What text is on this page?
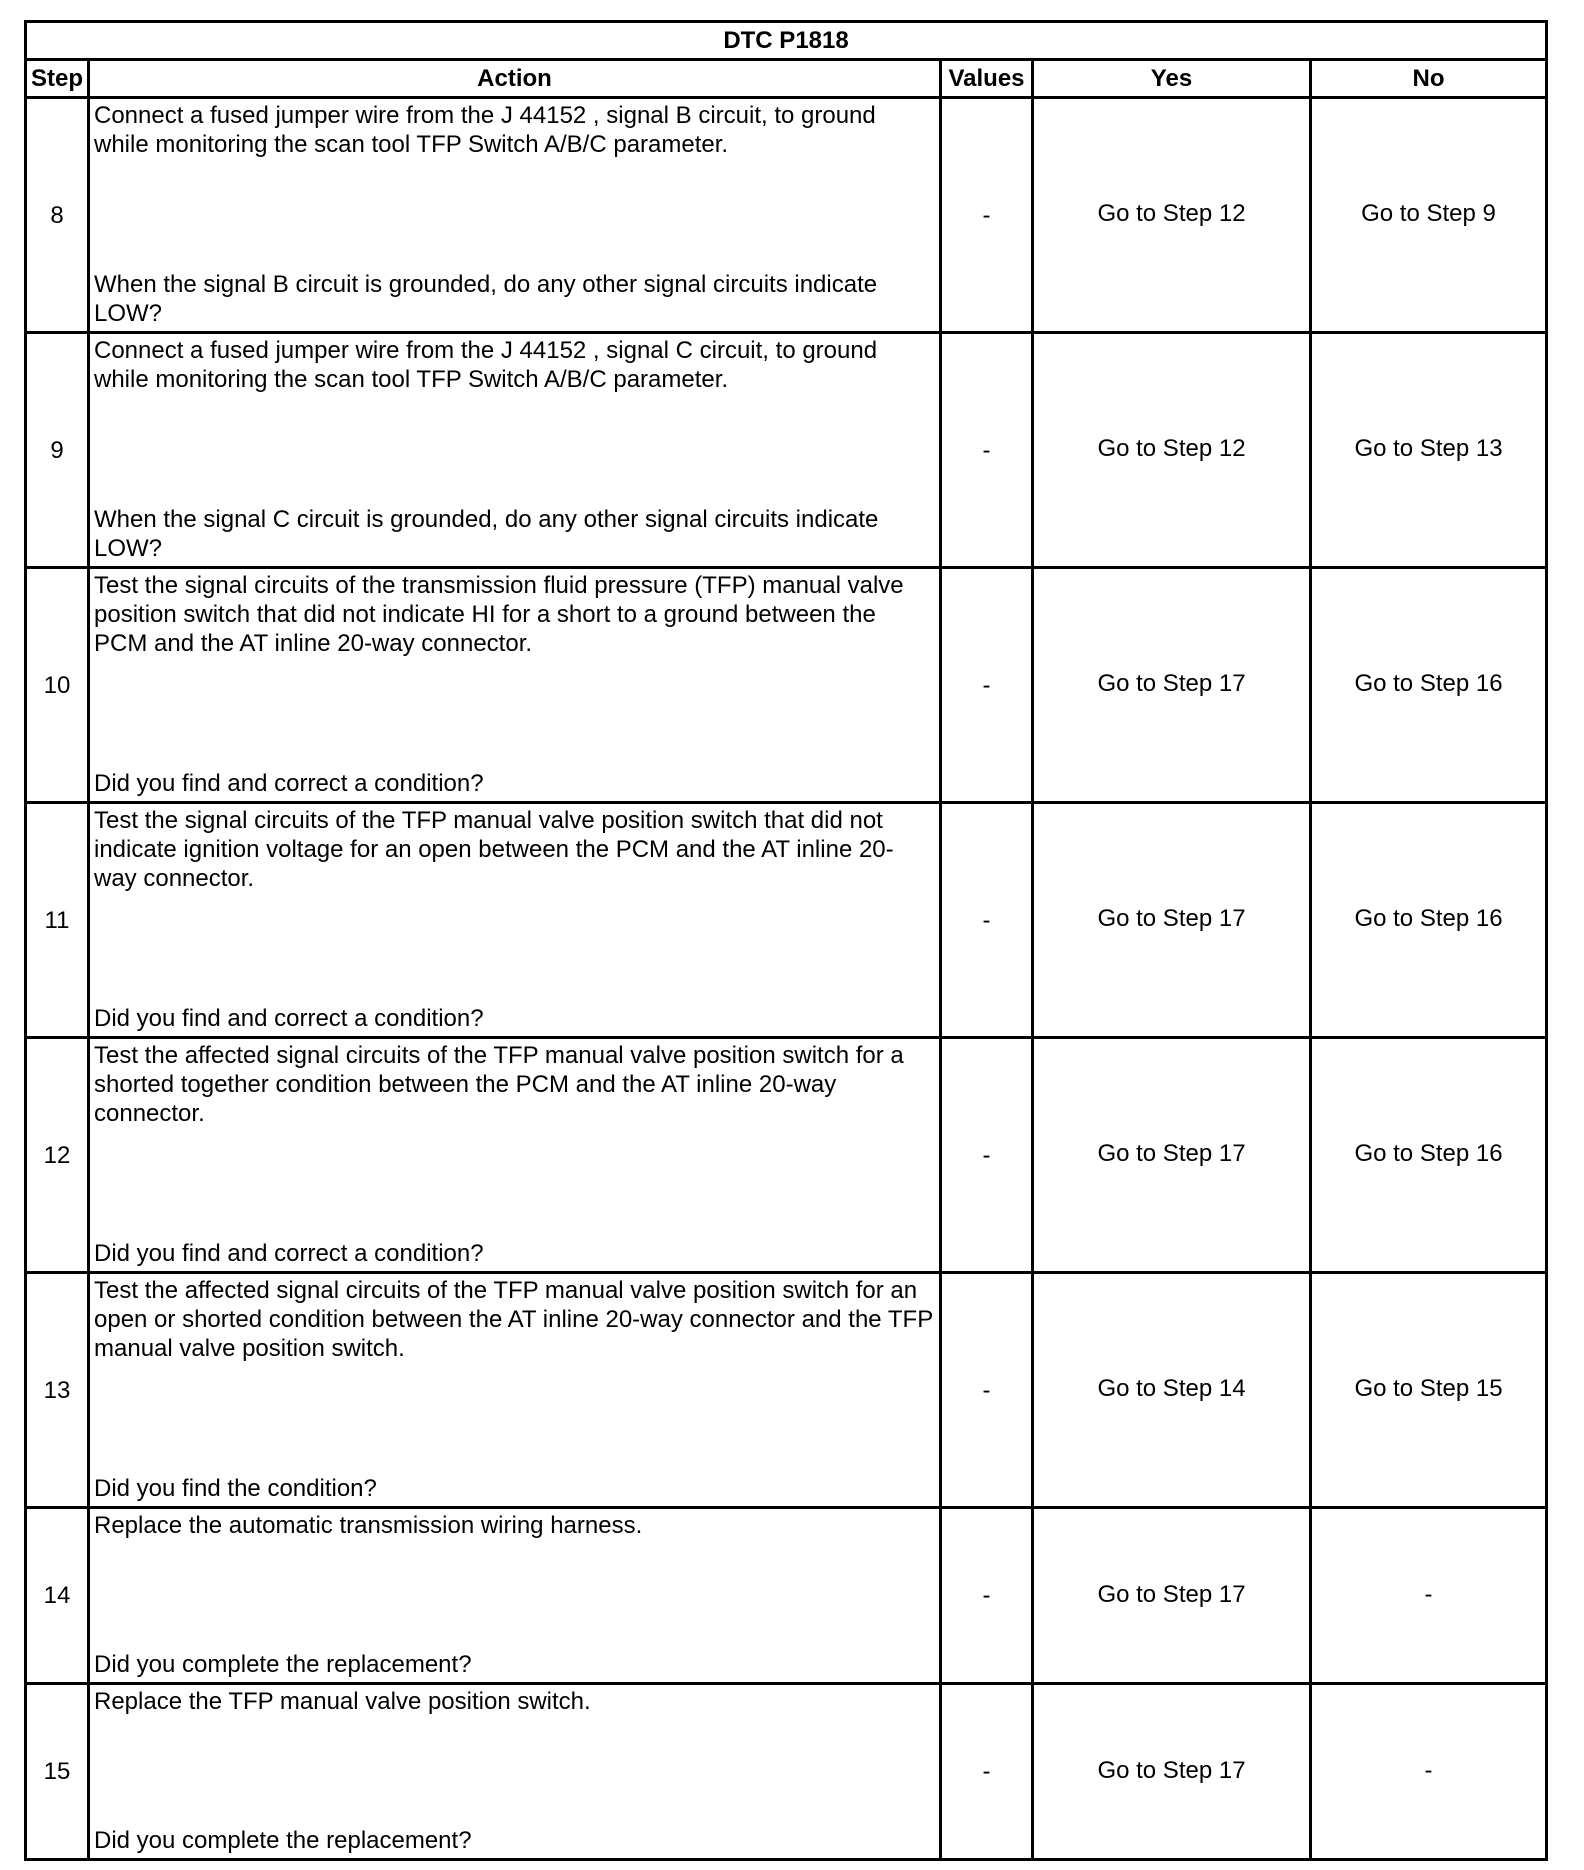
DTC P1818				
Step	Action	Values	Yes	No
8	Connect a fused jumper wire from the J 44152 , signal B circuit, to ground while monitoring the scan tool TFP Switch A/B/C parameter.
When the signal B circuit is grounded, do any other signal circuits indicate LOW?	-	Go to Step 12	Go to Step 9
9	Connect a fused jumper wire from the J 44152 , signal C circuit, to ground while monitoring the scan tool TFP Switch A/B/C parameter.
When the signal C circuit is grounded, do any other signal circuits indicate LOW?	-	Go to Step 12	Go to Step 13
10	Test the signal circuits of the transmission fluid pressure (TFP) manual valve position switch that did not indicate HI for a short to a ground between the PCM and the AT inline 20-way connector.
Did you find and correct a condition?	-	Go to Step 17	Go to Step 16
11	Test the signal circuits of the TFP manual valve position switch that did not indicate ignition voltage for an open between the PCM and the AT inline 20-way connector.
Did you find and correct a condition?	-	Go to Step 17	Go to Step 16
12	Test the affected signal circuits of the TFP manual valve position switch for a shorted together condition between the PCM and the AT inline 20-way connector.
Did you find and correct a condition?	-	Go to Step 17	Go to Step 16
13	Test the affected signal circuits of the TFP manual valve position switch for an open or shorted condition between the AT inline 20-way connector and the TFP manual valve position switch.
Did you find the condition?	-	Go to Step 14	Go to Step 15
14	Replace the automatic transmission wiring harness.
Did you complete the replacement?	-	Go to Step 17	-
15	Replace the TFP manual valve position switch.
Did you complete the replacement?	-	Go to Step 17	-
